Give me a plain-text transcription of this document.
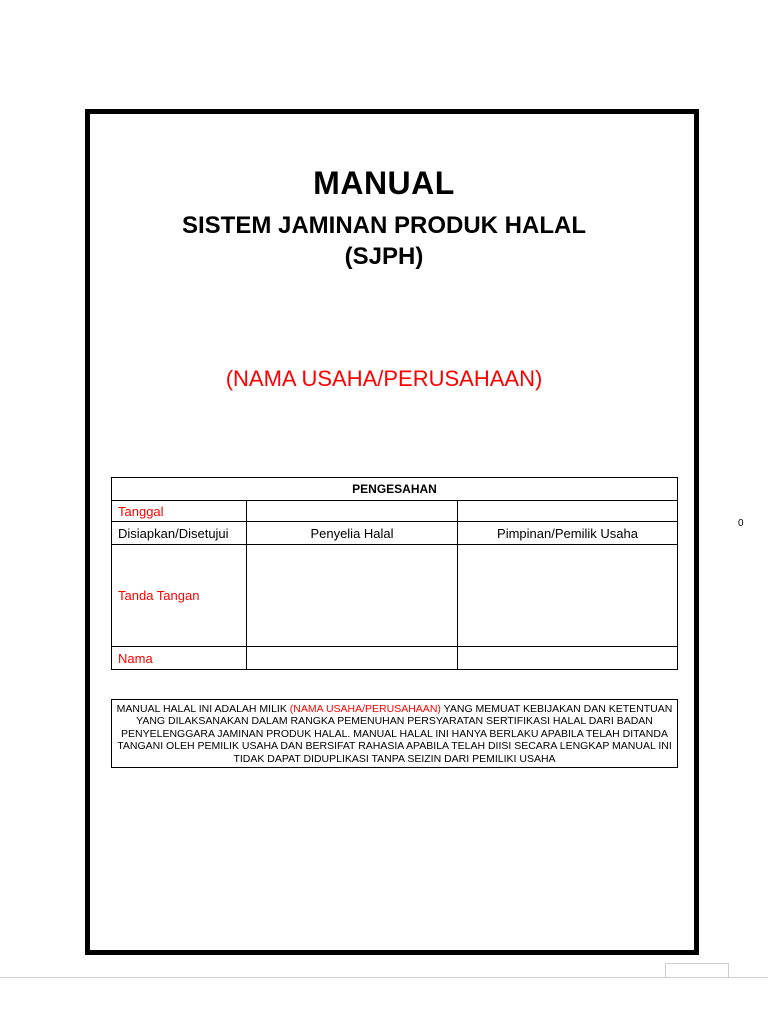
MANUAL
SISTEM JAMINAN PRODUK HALAL
(SJPH)
(NAMA USAHA/PERUSAHAAN)
PENGESAHAN		
Tanggal		
Disiapkan/Disetujui	Penyelia Halal	Pimpinan/Pemilik Usaha
Tanda Tangan		
Nama		
MANUAL HALAL INI ADALAH MILIK (NAMA USAHA/PERUSAHAAN) YANG MEMUAT KEBIJAKAN DAN KETENTUAN YANG DILAKSANAKAN DALAM RANGKA PEMENUHAN PERSYARATAN SERTIFIKASI HALAL DARI BADAN PENYELENGGARA JAMINAN PRODUK HALAL. MANUAL HALAL INI HANYA BERLAKU APABILA TELAH DITANDA TANGANI OLEH PEMILIK USAHA DAN BERSIFAT RAHASIA APABILA TELAH DIISI SECARA LENGKAP MANUAL INI TIDAK DAPAT DIDUPLIKASI TANPA SEIZIN DARI PEMILIKI USAHA
0
